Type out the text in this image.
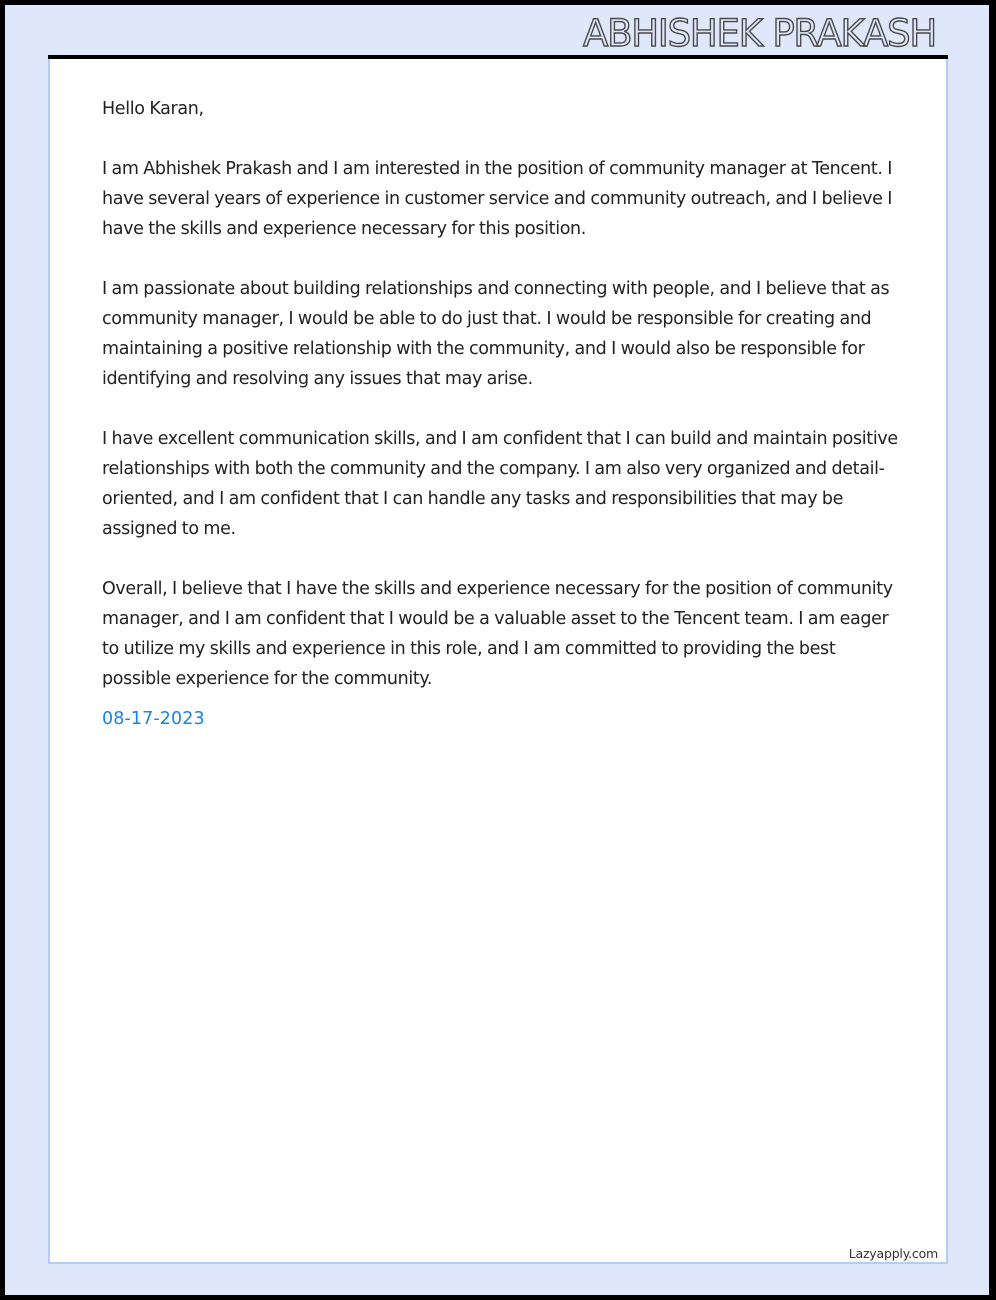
ABHISHEK PRAKASH

Hello Karan,

I am Abhishek Prakash and I am interested in the position of community manager at Tencent. I have several years of experience in customer service and community outreach, and I believe I have the skills and experience necessary for this position.

I am passionate about building relationships and connecting with people, and I believe that as community manager, I would be able to do just that. I would be responsible for creating and maintaining a positive relationship with the community, and I would also be responsible for identifying and resolving any issues that may arise.

I have excellent communication skills, and I am confident that I can build and maintain positive relationships with both the community and the company. I am also very organized and detail-oriented, and I am confident that I can handle any tasks and responsibilities that may be assigned to me.

Overall, I believe that I have the skills and experience necessary for the position of community manager, and I am confident that I would be a valuable asset to the Tencent team. I am eager to utilize my skills and experience in this role, and I am committed to providing the best possible experience for the community.

08-17-2023
Lazyapply.com
